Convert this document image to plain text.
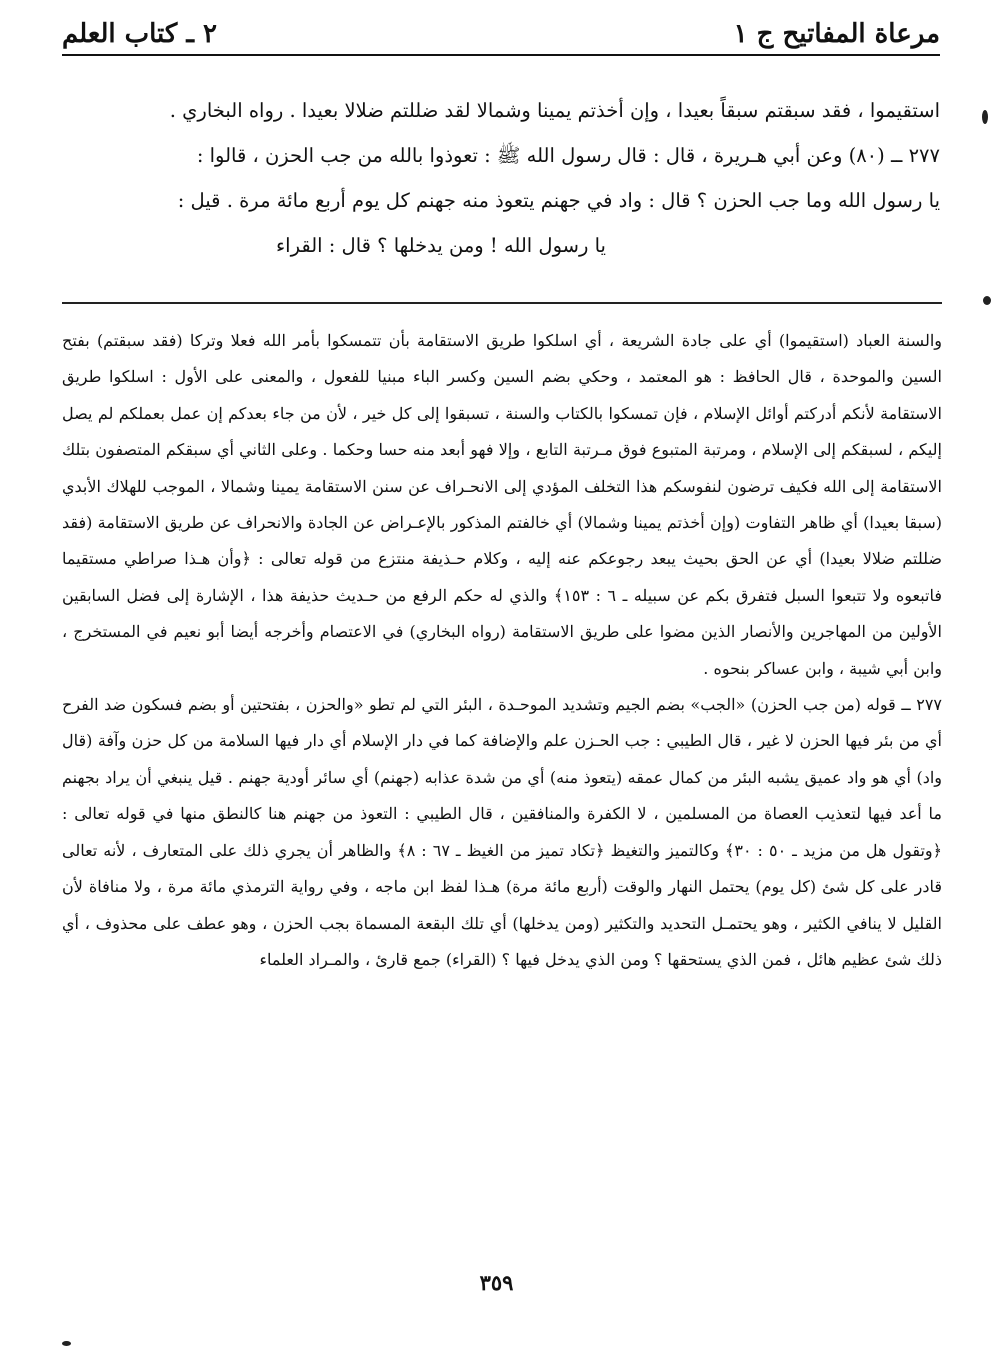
مرعاة المفاتيح ج ١
٢ ـ كتاب العلم

استقيموا ، فقد سبقتم سبقاً بعيدا ، وإن أخذتم يمينا وشمالا لقد ضللتم ضلالا بعيدا . رواه البخاري .

٢٧٧ ــ (٨٠) وعن أبي هـريرة ، قال : قال رسول الله ﷺ : تعوذوا بالله من جب الحزن ، قالوا :

يا رسول الله وما جب الحزن ؟ قال : واد في جهنم يتعوذ منه جهنم كل يوم أربع مائة مرة . قيل :

يا رسول الله ! ومن يدخلها ؟ قال : القراء

والسنة العباد (استقيموا) أي على جادة الشريعة ، أي اسلكوا طريق الاستقامة بأن تتمسكوا بأمر الله فعلا وتركا (فقد سبقتم) بفتح السين والموحدة ، قال الحافظ : هو المعتمد ، وحكي بضم السين وكسر الباء مبنيا للفعول ، والمعنى على الأول : اسلكوا طريق الاستقامة لأنكم أدركتم أوائل الإسلام ، فإن تمسكوا بالكتاب والسنة ، تسبقوا إلى كل خير ، لأن من جاء بعدكم إن عمل بعملكم لم يصل إليكم ، لسبقكم إلى الإسلام ، ومرتبة المتبوع فوق مـرتبة التابع ، وإلا فهو أبعد منه حسا وحكما . وعلى الثاني أي سبقكم المتصفون بتلك الاستقامة إلى الله فكيف ترضون لنفوسكم هذا التخلف المؤدي إلى الانحـراف عن سنن الاستقامة يمينا وشمالا ، الموجب للهلاك الأبدي (سبقا بعيدا) أي ظاهر التفاوت (وإن أخذتم يمينا وشمالا) أي خالفتم المذكور بالإعـراض عن الجادة والانحراف عن طريق الاستقامة (فقد ضللتم ضلالا بعيدا) أي عن الحق بحيث يبعد رجوعكم عنه إليه ، وكلام حـذيفة منتزع من قوله تعالى : ﴿وأن هـذا صراطي مستقيما فاتبعوه ولا تتبعوا السبل فتفرق بكم عن سبيله ـ ٦ : ١٥٣﴾ والذي له حكم الرفع من حـديث حذيفة هذا ، الإشارة إلى فضل السابقين الأولين من المهاجرين والأنصار الذين مضوا على طريق الاستقامة (رواه البخاري) في الاعتصام وأخرجه أيضا أبو نعيم في المستخرج ، وابن أبي شيبة ، وابن عساكر بنحوه .

٢٧٧ ــ قوله (من جب الحزن) «الجب» بضم الجيم وتشديد الموحـدة ، البئر التي لم تطو «والحزن ، بفتحتين أو بضم فسكون ضد الفرح أي من بئر فيها الحزن لا غير ، قال الطيبي : جب الحـزن علم والإضافة كما في دار الإسلام أي دار فيها السلامة من كل حزن وآفة (قال واد) أي هو واد عميق يشبه البئر من كمال عمقه (يتعوذ منه) أي من شدة عذابه (جهنم) أي سائر أودية جهنم . قيل ينبغي أن يراد بجهنم ما أعد فيها لتعذيب العصاة من المسلمين ، لا الكفرة والمنافقين ، قال الطيبي : التعوذ من جهنم هنا كالنطق منها في قوله تعالى : ﴿وتقول هل من مزيد ـ ٥٠ : ٣٠﴾ وكالتميز والتغيظ ﴿تكاد تميز من الغيظ ـ ٦٧ : ٨﴾ والظاهر أن يجري ذلك على المتعارف ، لأنه تعالى قادر على كل شئ (كل يوم) يحتمل النهار والوقت (أربع مائة مرة) هـذا لفظ ابن ماجه ، وفي رواية الترمذي مائة مرة ، ولا منافاة لأن القليل لا ينافي الكثير ، وهو يحتمـل التحديد والتكثير (ومن يدخلها) أي تلك البقعة المسماة بجب الحزن ، وهو عطف على محذوف ، أي ذلك شئ عظيم هائل ، فمن الذي يستحقها ؟ ومن الذي يدخل فيها ؟ (القراء) جمع قارئ ، والمـراد العلماء

٣٥٩
